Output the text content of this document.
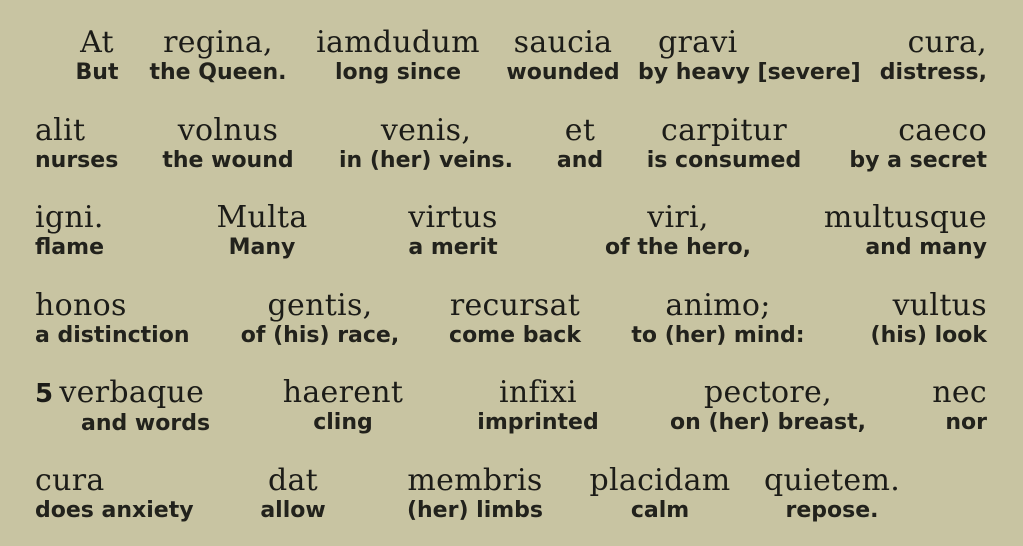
At
But
regina,
the Queen.
iamdudum
long since
saucia
wounded
gravi
by heavy [severe]
cura,
distress,
alit
nurses
volnus
the wound
venis,
in (her) veins.
et
and
carpitur
is consumed
caeco
by a secret
igni.
flame
Multa
Many
virtus
a merit
viri,
of the hero,
multusque
and many
honos
a distinction
gentis,
of (his) race,
recursat
come back
animo;
to (her) mind:
vultus
(his) look
5 verbaque
and words
haerent
cling
infixi
imprinted
pectore,
on (her) breast,
nec
nor
cura
does anxiety
dat
allow
membris
(her) limbs
placidam
calm
quietem.
repose.
